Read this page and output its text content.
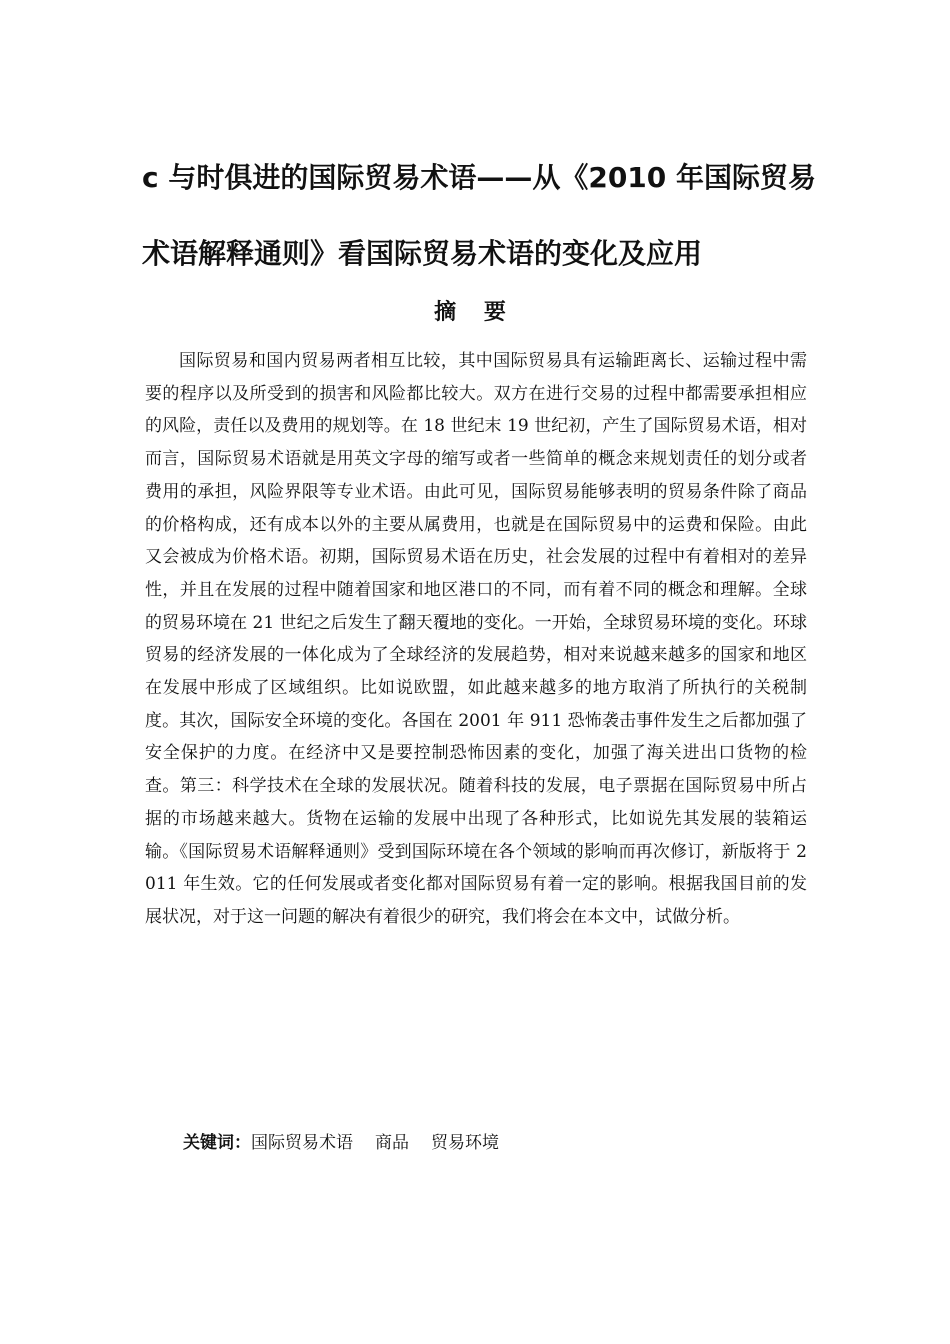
c 与时俱进的国际贸易术语——从《2010 年国际贸易
术语解释通则》看国际贸易术语的变化及应用
摘 要

国际贸易和国内贸易两者相互比较，其中国际贸易具有运输距离长、运输过程中需要的程序以及所受到的损害和风险都比较大。双方在进行交易的过程中都需要承担相应的风险，责任以及费用的规划等。在 18 世纪末 19 世纪初，产生了国际贸易术语，相对而言，国际贸易术语就是用英文字母的缩写或者一些简单的概念来规划责任的划分或者费用的承担，风险界限等专业术语。由此可见，国际贸易能够表明的贸易条件除了商品的价格构成，还有成本以外的主要从属费用，也就是在国际贸易中的运费和保险。由此又会被成为价格术语。初期，国际贸易术语在历史，社会发展的过程中有着相对的差异性，并且在发展的过程中随着国家和地区港口的不同，而有着不同的概念和理解。全球的贸易环境在 21 世纪之后发生了翻天覆地的变化。一开始，全球贸易环境的变化。环球贸易的经济发展的一体化成为了全球经济的发展趋势，相对来说越来越多的国家和地区在发展中形成了区域组织。比如说欧盟，如此越来越多的地方取消了所执行的关税制度。其次，国际安全环境的变化。各国在 2001 年 911 恐怖袭击事件发生之后都加强了安全保护的力度。在经济中又是要控制恐怖因素的变化，加强了海关进出口货物的检查。第三：科学技术在全球的发展状况。随着科技的发展，电子票据在国际贸易中所占据的市场越来越大。货物在运输的发展中出现了各种形式，比如说先其发展的装箱运输。《国际贸易术语解释通则》受到国际环境在各个领域的影响而再次修订，新版将于 2011 年生效。它的任何发展或者变化都对国际贸易有着一定的影响。根据我国目前的发展状况，对于这一问题的解决有着很少的研究，我们将会在本文中，试做分析。

关键词：国际贸易术语 商品 贸易环境
